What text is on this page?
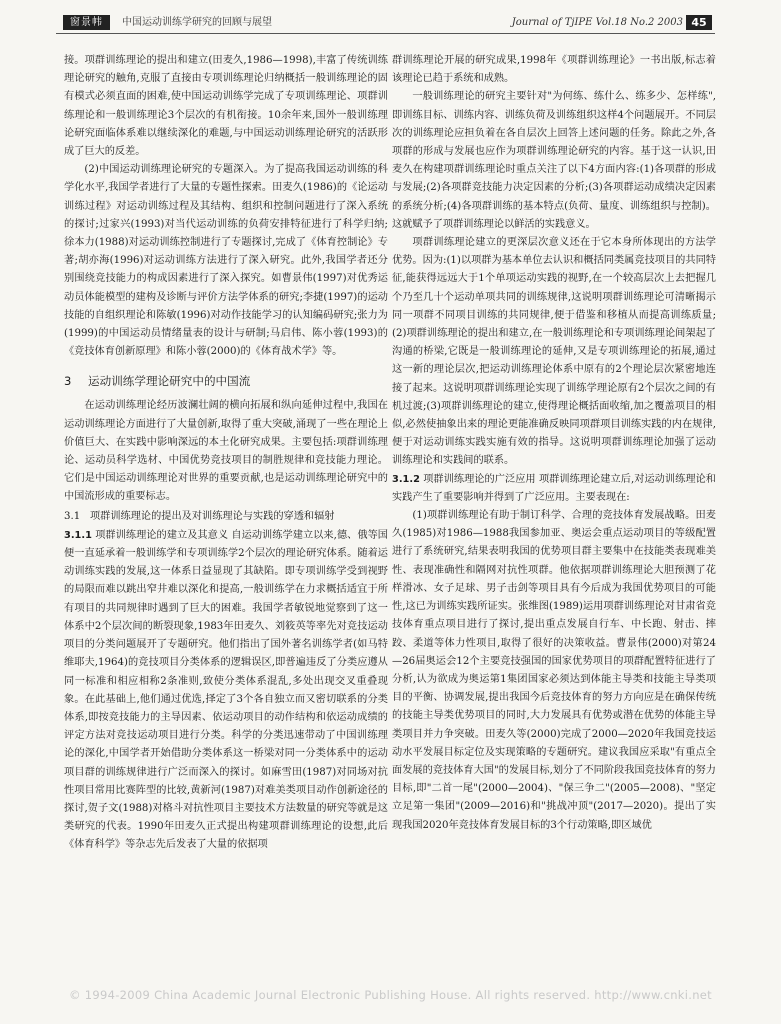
窗景帏	中国运动训练学研究的回顾与展望	Journal of TjIPE Vol.18 No.2 2003 45

接。项群训练理论的提出和建立(田麦久,1986—1998),丰富了传统训练理论研究的触角,克服了直接由专项训练理论归纳概括一般训练理论的固有模式必须直面的困难,使中国运动训练学完成了专项训练理论、项群训练理论和一般训练理论3个层次的有机衔接。10余年来,国外一般训练理论研究面临体系难以继续深化的难题,与中国运动训练理论研究的活跃形成了巨大的反差。

(2)中国运动训练理论研究的专题深入。为了提高我国运动训练的科学化水平,我国学者进行了大量的专题性探索。田麦久(1986)的《论运动训练过程》对运动训练过程及其结构、组织和控制问题进行了深入系统的探讨;过家兴(1993)对当代运动训练的负荷安排特征进行了科学归纳;徐本力(1988)对运动训练控制进行了专题探讨,完成了《体育控制论》专著;胡亦海(1996)对运动训练方法进行了深入研究。此外,我国学者还分别围绕竞技能力的构成因素进行了深入探究。如曹景伟(1997)对优秀运动员体能模型的建构及诊断与评价方法学体系的研究;李捷(1997)的运动技能的自组织理论和陈敏(1996)对动作技能学习的认知编码研究;张力为(1999)的中国运动员情绪量表的设计与研制;马启伟、陈小蓉(1993)的《竞技体育创新原理》和陈小蓉(2000)的《体育战术学》等。

3 运动训练学理论研究中的中国流

在运动训练理论经历波澜壮阔的横向拓展和纵向延伸过程中,我国在运动训练理论方面进行了大量创新,取得了重大突破,涌现了一些在理论上价值巨大、在实践中影响深远的本土化研究成果。主要包括:项群训练理论、运动员科学选材、中国优势竞技项目的制胜规律和竞技能力理论。它们是中国运动训练理论对世界的重要贡献,也是运动训练理论研究中的中国流形成的重要标志。

3.1 项群训练理论的提出及对训练理论与实践的穿透和辐射

3.1.1 项群训练理论的建立及其意义 自运动训练学建立以来,德、俄等国便一直延承着一般训练学和专项训练学2个层次的理论研究体系。随着运动训练实践的发展,这一体系日益显现了其缺陷。即专项训练学受到视野的局限而难以跳出窄井难以深化和提高,一般训练学在力求概括适宜于所有项目的共同规律时遇到了巨大的困难。我国学者敏锐地觉察到了这一体系中2个层次间的断裂现象,1983年田麦久、刘筱英等率先对竞技运动项目的分类问题展开了专题研究。他们指出了国外著名训练学者(如马特维耶夫,1964)的竞技项目分类体系的逻辑误区,即普遍违反了分类应遵从同一标准和相应相称2条准则,致使分类体系混乱,多处出现交叉重叠现象。在此基础上,他们通过优选,择定了3个各自独立而又密切联系的分类体系,即按竞技能力的主导因素、依运动项目的动作结构和依运动成绩的评定方法对竞技运动项目进行分类。科学的分类迅速带动了中国训练理论的深化,中国学者开始借助分类体系这一桥梁对同一分类体系中的运动项目群的训练规律进行广泛而深入的探讨。如麻雪田(1987)对同场对抗性项目常用比赛阵型的比较,黄新河(1987)对难美类项目动作创新途径的探讨,贺子文(1988)对格斗对抗性项目主要技术方法数量的研究等就是这类研究的代表。1990年田麦久正式提出构建项群训练理论的设想,此后《体育科学》等杂志先后发表了大量的依据项

群训练理论开展的研究成果,1998年《项群训练理论》一书出版,标志着该理论已趋于系统和成熟。

一般训练理论的研究主要针对"为何练、练什么、练多少、怎样练",即训练目标、训练内容、训练负荷及训练组织这样4个问题展开。不同层次的训练理论应担负着在各自层次上回答上述问题的任务。除此之外,各项群的形成与发展也应作为项群训练理论研究的内容。基于这一认识,田麦久在构建项群训练理论时重点关注了以下4方面内容:(1)各项群的形成与发展;(2)各项群竞技能力决定因素的分析;(3)各项群运动成绩决定因素的系统分析;(4)各项群训练的基本特点(负荷、量度、训练组织与控制)。这就赋予了项群训练理论以鲜活的实践意义。

项群训练理论建立的更深层次意义还在于它本身所体现出的方法学优势。因为:(1)以项群为基本单位去认识和概括同类属竞技项目的共同特征,能获得远远大于1个单项运动实践的视野,在一个较高层次上去把握几个乃至几十个运动单项共同的训练规律,这说明项群训练理论可清晰揭示同一项群不同项目训练的共同规律,便于借鉴和移植从而提高训练质量;(2)项群训练理论的提出和建立,在一般训练理论和专项训练理论间架起了沟通的桥梁,它既是一般训练理论的延伸,又是专项训练理论的拓展,通过这一新的理论层次,把运动训练理论体系中原有的2个理论层次紧密地连接了起来。这说明项群训练理论实现了训练学理论原有2个层次之间的有机过渡;(3)项群训练理论的建立,使得理论概括面收缩,加之覆盖项目的相似,必然使抽象出来的理论更能准确反映同项群项目训练实践的内在规律,便于对运动训练实践实施有效的指导。这说明项群训练理论加强了运动训练理论和实践间的联系。

3.1.2 项群训练理论的广泛应用 项群训练理论建立后,对运动训练理论和实践产生了重要影响并得到了广泛应用。主要表现在:

(1)项群训练理论有助于制订科学、合理的竞技体育发展战略。田麦久(1985)对1986—1988我国参加亚、奥运会重点运动项目的等级配置进行了系统研究,结果表明我国的优势项目群主要集中在技能类表现难美性、表现准确性和隔网对抗性项群。他依据项群训练理论大胆预测了花样滑冰、女子足球、男子击剑等项目具有今后成为我国优势项目的可能性,这已为训练实践所证实。张维图(1989)运用项群训练理论对甘肃省竞技体育重点项目进行了探讨,提出重点发展自行车、中长跑、射击、摔跤、柔道等体力性项目,取得了很好的决策收益。曹景伟(2000)对第24—26届奥运会12个主要竞技强国的国家优势项目的项群配置特征进行了分析,认为欲成为奥运第1集团国家必须达到体能主导类和技能主导类项目的平衡、协调发展,提出我国今后竞技体育的努力方向应是在确保传统的技能主导类优势项目的同时,大力发展具有优势或潜在优势的体能主导类项目并力争突破。田麦久等(2000)完成了2000—2020年我国竞技运动水平发展目标定位及实现策略的专题研究。建议我国应采取"有重点全面发展的竞技体育大国"的发展目标,划分了不同阶段我国竞技体育的努力目标,即"二首一尾"(2000—2004)、"保三争二"(2005—2008)、"坚定立足第一集团"(2009—2016)和"挑战冲顶"(2017—2020)。提出了实现我国2020年竞技体育发展目标的3个行动策略,即区域优

© 1994-2009 China Academic Journal Electronic Publishing House. All rights reserved. http://www.cnki.net
